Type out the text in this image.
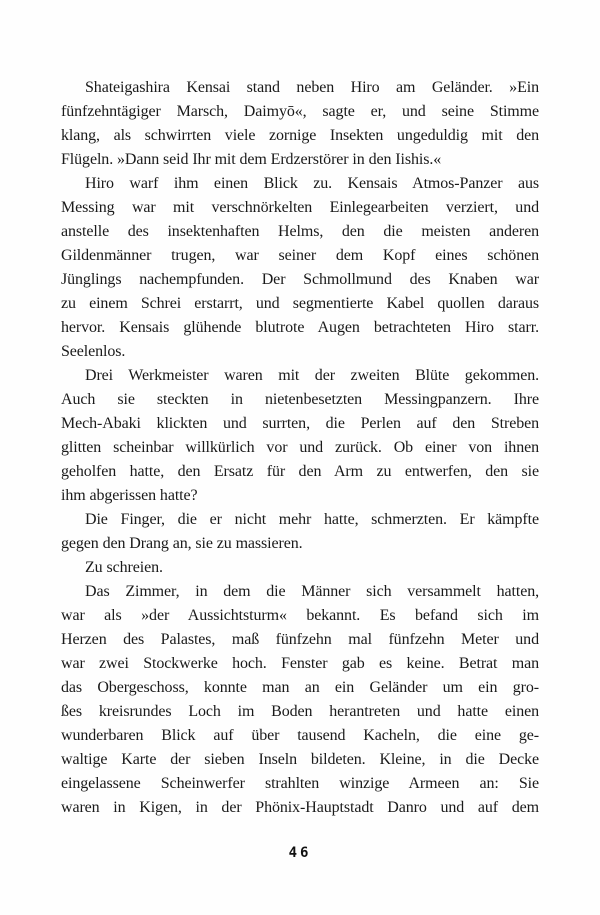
Shateigashira Kensai stand neben Hiro am Geländer. »Ein
fünfzehntägiger Marsch, Daimyō«, sagte er, und seine Stimme
klang, als schwirrten viele zornige Insekten ungeduldig mit den
Flügeln. »Dann seid Ihr mit dem Erdzerstörer in den Iishis.«
Hiro warf ihm einen Blick zu. Kensais Atmos-Panzer aus
Messing war mit verschnörkelten Einlegearbeiten verziert, und
anstelle des insektenhaften Helms, den die meisten anderen
Gildenmänner trugen, war seiner dem Kopf eines schönen
Jünglings nachempfunden. Der Schmollmund des Knaben war
zu einem Schrei erstarrt, und segmentierte Kabel quollen daraus
hervor. Kensais glühende blutrote Augen betrachteten Hiro starr.
Seelenlos.
Drei Werkmeister waren mit der zweiten Blüte gekommen.
Auch sie steckten in nietenbesetzten Messingpanzern. Ihre
Mech-Abaki klickten und surrten, die Perlen auf den Streben
glitten scheinbar willkürlich vor und zurück. Ob einer von ihnen
geholfen hatte, den Ersatz für den Arm zu entwerfen, den sie
ihm abgerissen hatte?
Die Finger, die er nicht mehr hatte, schmerzten. Er kämpfte
gegen den Drang an, sie zu massieren.
Zu schreien.
Das Zimmer, in dem die Männer sich versammelt hatten,
war als »der Aussichtsturm« bekannt. Es befand sich im
Herzen des Palastes, maß fünfzehn mal fünfzehn Meter und
war zwei Stockwerke hoch. Fenster gab es keine. Betrat man
das Obergeschoss, konnte man an ein Geländer um ein gro-
ßes kreisrundes Loch im Boden herantreten und hatte einen
wunderbaren Blick auf über tausend Kacheln, die eine ge-
waltige Karte der sieben Inseln bildeten. Kleine, in die Decke
eingelassene Scheinwerfer strahlten winzige Armeen an: Sie
waren in Kigen, in der Phönix-Hauptstadt Danro und auf dem
46
